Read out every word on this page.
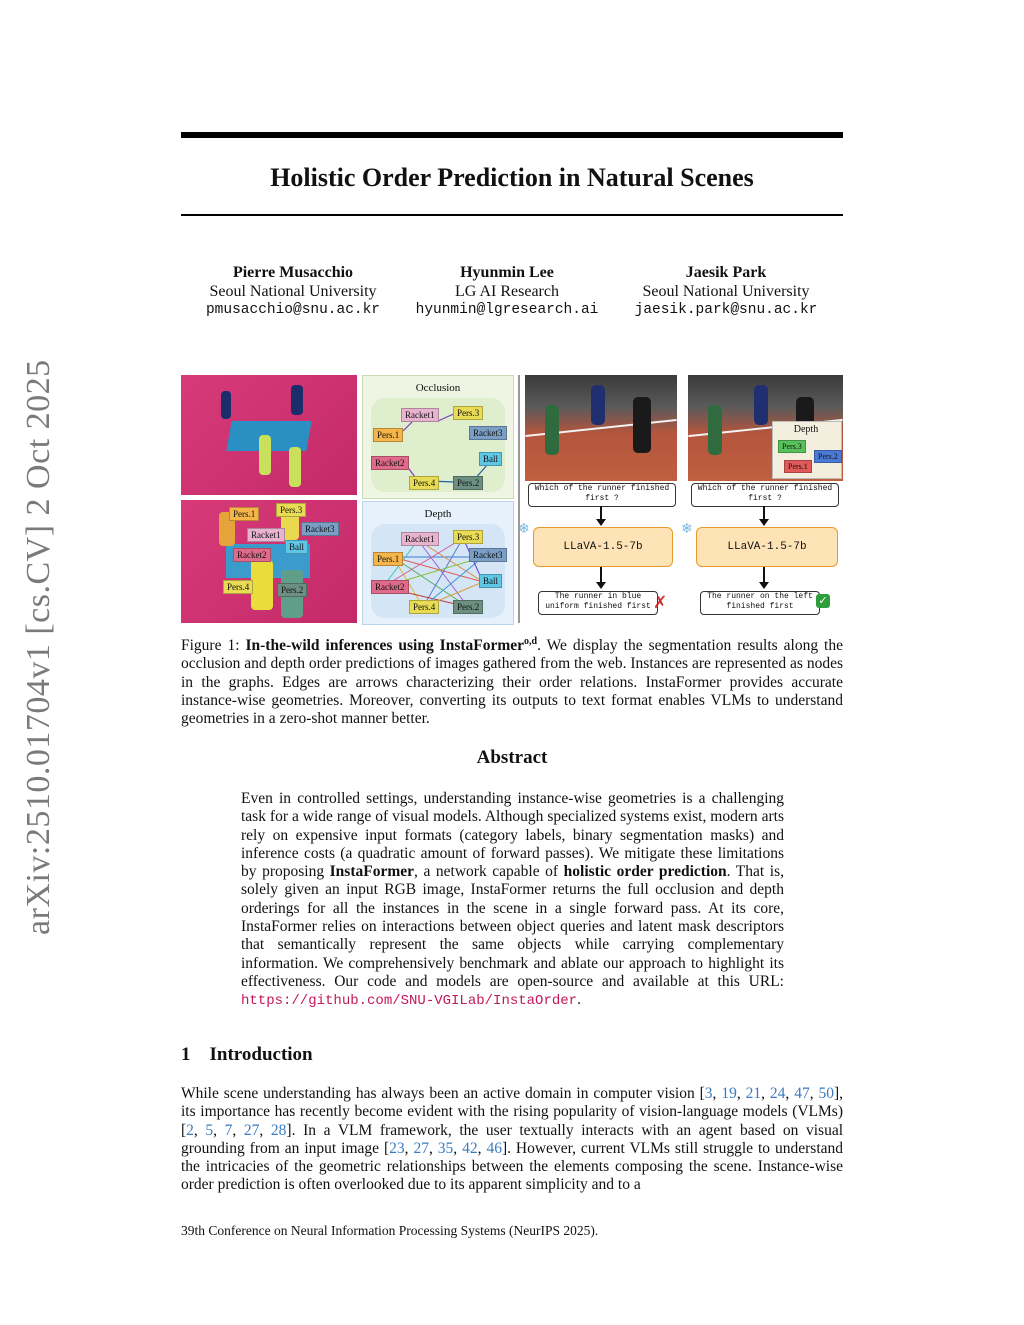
arXiv:2510.01704v1 [cs.CV] 2 Oct 2025
Holistic Order Prediction in Natural Scenes
Pierre Musacchio
Seoul National University
pmusacchio@snu.ac.kr
Hyunmin Lee
LG AI Research
hyunmin@lgresearch.ai
Jaesik Park
Seoul National University
jaesik.park@snu.ac.kr
Pers.1	Pers.3
Racket3
Racket1
Ball
Racket2
Pers.4	Pers.2
Occlusion
Racket1	Pers.3
Pers.1	Racket3
Racket2	Ball
Pers.4	Pers.2
Depth
Racket1	Pers.3
Pers.1	Racket3
Racket2
Ball
Pers.4	Pers.2
Depth
Pers.3
Pers.2
Pers.1
Which of the runner finished first ?
Which of the runner finished first ?
❄	❄
LLaVA-1.5-7b	LLaVA-1.5-7b
The runner in blue uniform finished first ✗	The runner on the left finished first	✓
Figure 1: In-the-wild inferences using InstaFormer$^{o,d}$. We display the segmentation results along the occlusion and depth order predictions of images gathered from the web. Instances are represented as nodes in the graphs. Edges are arrows characterizing their order relations. InstaFormer provides accurate instance-wise geometries. Moreover, converting its outputs to text format enables VLMs to understand geometries in a zero-shot manner better.
Abstract
Even in controlled settings, understanding instance-wise geometries is a challenging task for a wide range of visual models. Although specialized systems exist, modern arts rely on expensive input formats (category labels, binary segmentation masks) and inference costs (a quadratic amount of forward passes). We mitigate these limitations by proposing InstaFormer, a network capable of holistic order prediction. That is, solely given an input RGB image, InstaFormer returns the full occlusion and depth orderings for all the instances in the scene in a single forward pass. At its core, InstaFormer relies on interactions between object queries and latent mask descriptors that semantically represent the same objects while carrying complementary information. We comprehensively benchmark and ablate our approach to highlight its effectiveness. Our code and models are open-source and available at this URL: https://github.com/SNU-VGILab/InstaOrder.
1    Introduction
While scene understanding has always been an active domain in computer vision [3, 19, 21, 24, 47, 50], its importance has recently become evident with the rising popularity of vision-language models (VLMs) [2, 5, 7, 27, 28]. In a VLM framework, the user textually interacts with an agent based on visual grounding from an input image [23, 27, 35, 42, 46]. However, current VLMs still struggle to understand the intricacies of the geometric relationships between the elements composing the scene. Instance-wise order prediction is often overlooked due to its apparent simplicity and to a
39th Conference on Neural Information Processing Systems (NeurIPS 2025).
